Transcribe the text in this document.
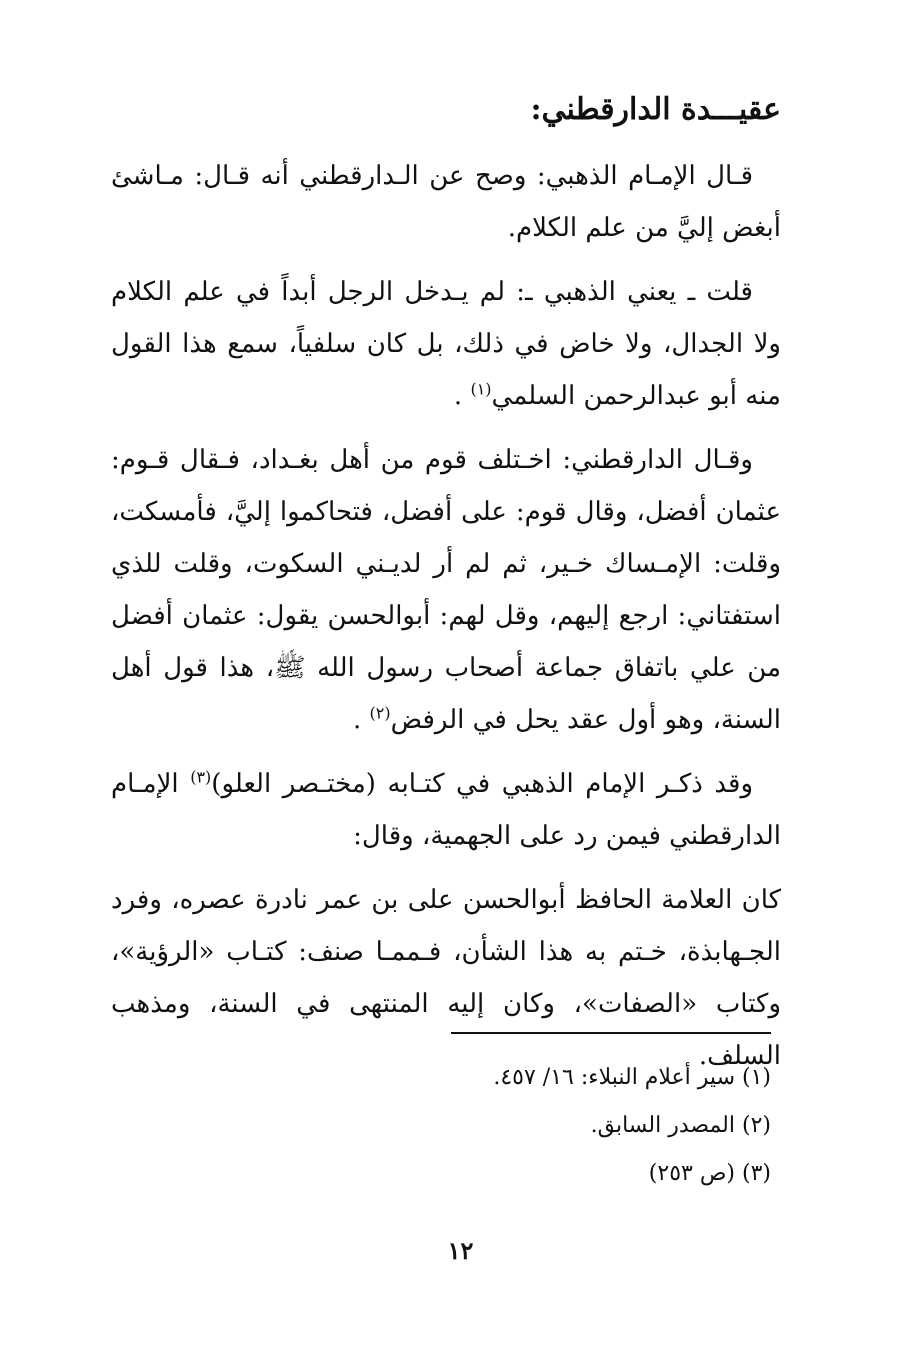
عقيـــدة الدارقطني:

قـال الإمـام الذهبي: وصح عن الـدارقطني أنه قـال: مـاشئ أبغض إليَّ من علم الكلام.

قلت ـ يعني الذهبي ـ: لم يـدخل الرجل أبداً في علم الكلام ولا الجدال، ولا خاض في ذلك، بل كان سلفياً، سمع هذا القول منه أبو عبدالرحمن السلمي$^{(١)}$ .

وقـال الدارقطني: اخـتلف قوم من أهل بغـداد، فـقال قـوم: عثمان أفضل، وقال قوم: على أفضل، فتحاكموا إليَّ، فأمسكت، وقلت: الإمـساك خـير، ثم لم أر لديـني السكوت، وقلت للذي استفتاني: ارجع إليهم، وقل لهم: أبوالحسن يقول: عثمان أفضل من علي باتفاق جماعة أصحاب رسول الله ﷺ، هذا قول أهل السنة، وهو أول عقد يحل في الرفض$^{(٢)}$ .

وقد ذكـر الإمام الذهبي في كتـابه (مختـصر العلو)$^{(٣)}$ الإمـام الدارقطني فيمن رد على الجهمية، وقال:

كان العلامة الحافظ أبوالحسن على بن عمر نادرة عصره، وفرد الجـهابذة، خـتم به هذا الشأن، فـممـا صنف: كتـاب «الرؤية»، وكتاب «الصفات»، وكان إليه المنتهى في السنة، ومذهب السلف.

(١) سير أعلام النبلاء: ١٦/ ٤٥٧.
(٢) المصدر السابق.
(٣) (ص ٢٥٣)
١٢
